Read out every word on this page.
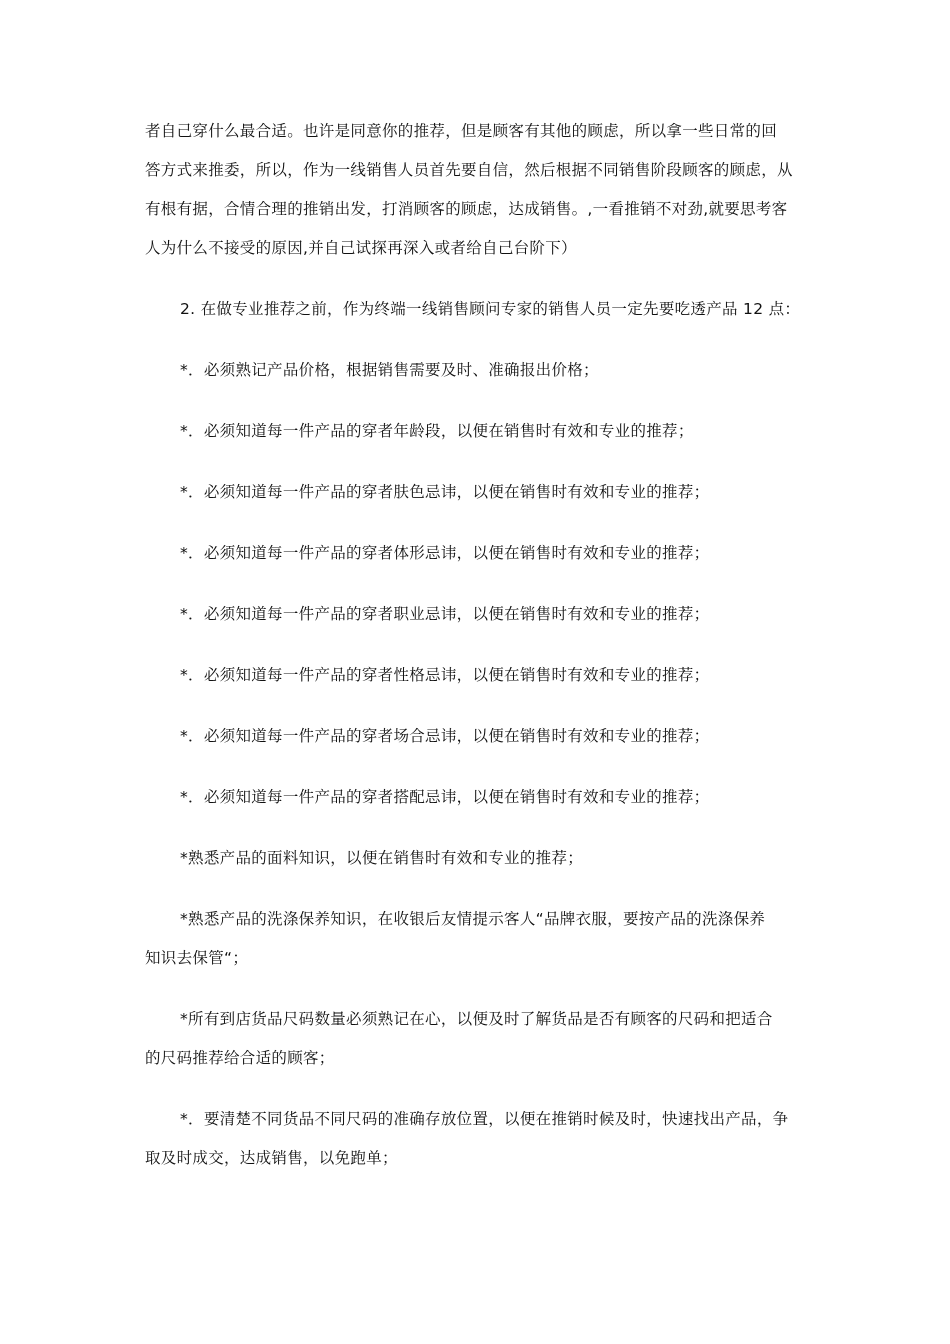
者自己穿什么最合适。也许是同意你的推荐，但是顾客有其他的顾虑，所以拿一些日常的回
答方式来推委，所以，作为一线销售人员首先要自信，然后根据不同销售阶段顾客的顾虑，从
有根有据，合情合理的推销出发，打消顾客的顾虑，达成销售。,一看推销不对劲,就要思考客
人为什么不接受的原因,并自己试探再深入或者给自己台阶下）
2. 在做专业推荐之前，作为终端一线销售顾问专家的销售人员一定先要吃透产品 12 点：
*．必须熟记产品价格，根据销售需要及时、准确报出价格；
*．必须知道每一件产品的穿者年龄段，以便在销售时有效和专业的推荐；
*．必须知道每一件产品的穿者肤色忌讳，以便在销售时有效和专业的推荐；
*．必须知道每一件产品的穿者体形忌讳，以便在销售时有效和专业的推荐；
*．必须知道每一件产品的穿者职业忌讳，以便在销售时有效和专业的推荐；
*．必须知道每一件产品的穿者性格忌讳，以便在销售时有效和专业的推荐；
*．必须知道每一件产品的穿者场合忌讳，以便在销售时有效和专业的推荐；
*．必须知道每一件产品的穿者搭配忌讳，以便在销售时有效和专业的推荐；
*熟悉产品的面料知识，以便在销售时有效和专业的推荐；
*熟悉产品的洗涤保养知识，在收银后友情提示客人“品牌衣服，要按产品的洗涤保养
知识去保管“；
*所有到店货品尺码数量必须熟记在心，以便及时了解货品是否有顾客的尺码和把适合
的尺码推荐给合适的顾客；
*．要清楚不同货品不同尺码的准确存放位置，以便在推销时候及时，快速找出产品，争
取及时成交，达成销售，以免跑单；
